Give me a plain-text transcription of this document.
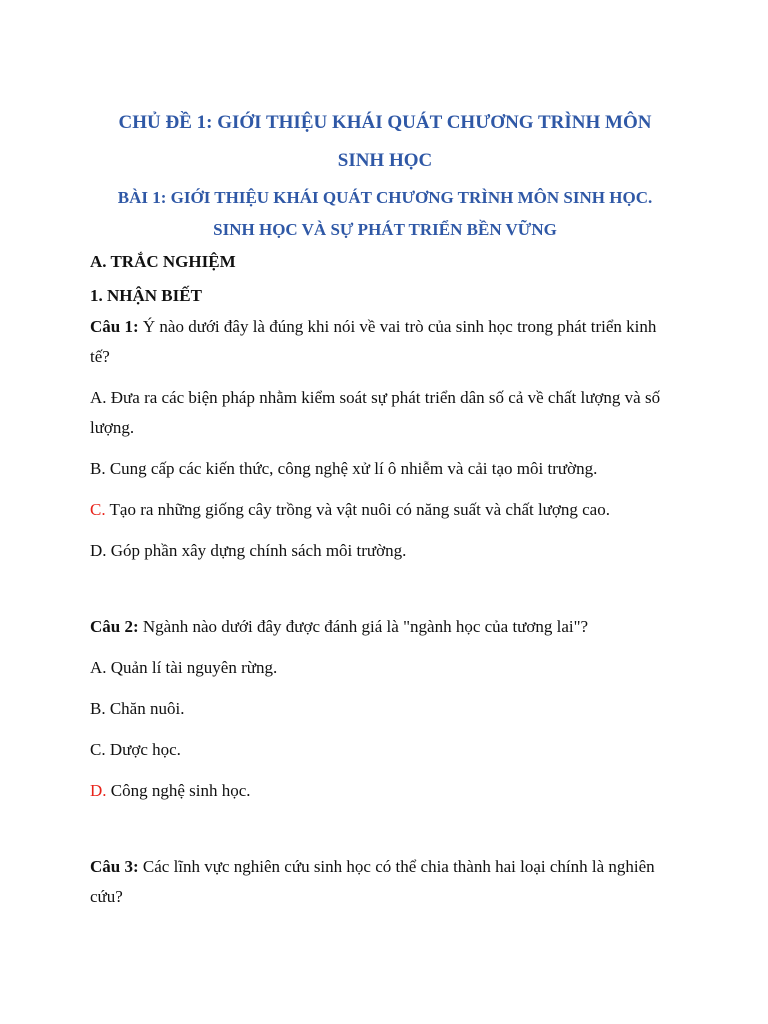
CHỦ ĐỀ 1: GIỚI THIỆU KHÁI QUÁT CHƯƠNG TRÌNH MÔN SINH HỌC

BÀI 1: GIỚI THIỆU KHÁI QUÁT CHƯƠNG TRÌNH MÔN SINH HỌC.
SINH HỌC VÀ SỰ PHÁT TRIỂN BỀN VỮNG

A. TRẮC NGHIỆM

1. NHẬN BIẾT

Câu 1: Ý nào dưới đây là đúng khi nói về vai trò của sinh học trong phát triển kinh tế?

A. Đưa ra các biện pháp nhằm kiểm soát sự phát triển dân số cả về chất lượng và số lượng.

B. Cung cấp các kiến thức, công nghệ xử lí ô nhiễm và cải tạo môi trường.

C. Tạo ra những giống cây trồng và vật nuôi có năng suất và chất lượng cao.

D. Góp phần xây dựng chính sách môi trường.

Câu 2: Ngành nào dưới đây được đánh giá là "ngành học của tương lai"?

A. Quản lí tài nguyên rừng.

B. Chăn nuôi.

C. Dược học.

D. Công nghệ sinh học.

Câu 3: Các lĩnh vực nghiên cứu sinh học có thể chia thành hai loại chính là nghiên cứu?
